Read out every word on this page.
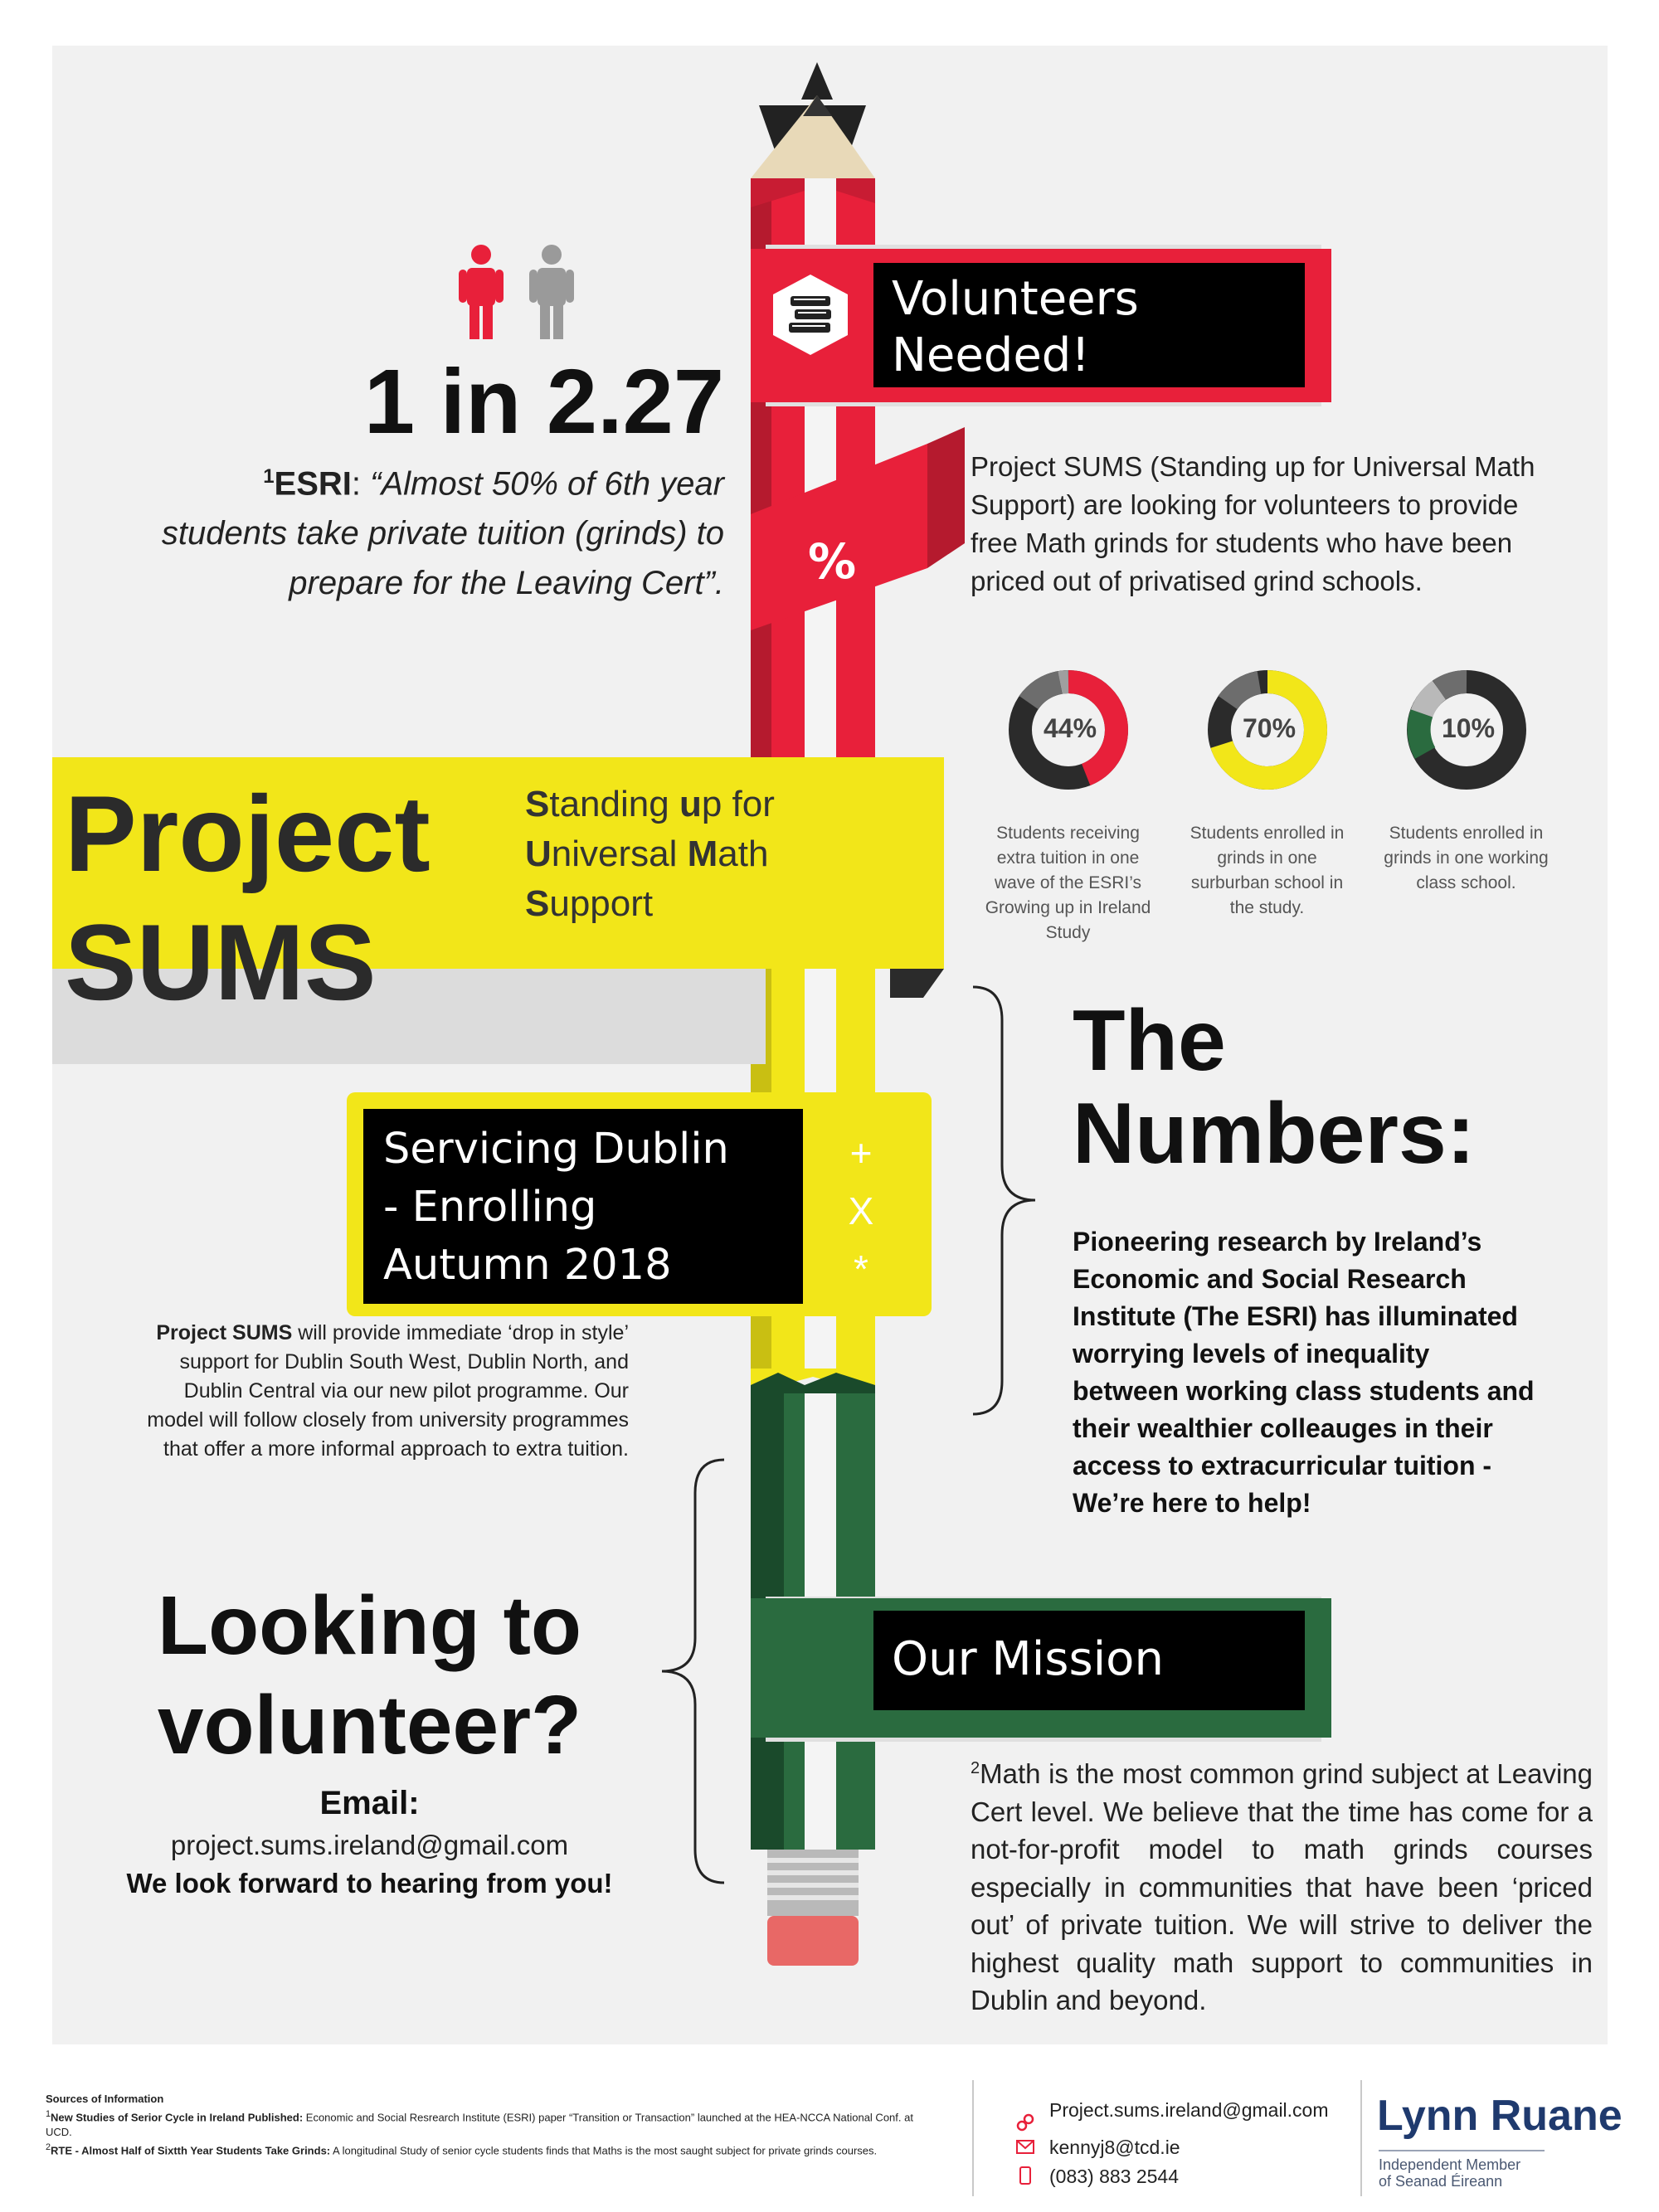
1 in 2.27
$^1$ESRI: “Almost 50% of 6th year students take private tuition (grinds) to prepare for the Leaving Cert”.
Volunteers
Needed!
%
Project SUMS (Standing up for Universal Math Support) are looking for volunteers to provide free Math grinds for students who have been priced out of privatised grind schools.
44%	70%	10%
Students receiving extra tuition in one wave of the ESRI’s Growing up in Ireland Study
Students enrolled in grinds in one surburban school in the study.
Students enrolled in grinds in one working class school.
Project
SUMS
Standing up for
Universal Math
Support
Servicing Dublin
- Enrolling
Autumn 2018
+
X
*
Project SUMS will provide immediate ‘drop in style’ support for Dublin South West, Dublin North, and Dublin Central via our new pilot programme. Our model will follow closely from university programmes that offer a more informal approach to extra tuition.
The
Numbers:
Pioneering research by Ireland’s Economic and Social Research Institute (The ESRI) has illuminated worrying levels of inequality between working class students and their wealthier colleauges in their access to extracurricular tuition - We’re here to help!
Looking to
volunteer?
Email:
project.sums.ireland@gmail.com
We look forward to hearing from you!
Our Mission
$^2$Math is the most common grind subject at Leaving Cert level. We believe that the time has come for a not-for-profit model to math grinds courses especially in communities that have been ‘priced out’ of private tuition. We will strive to deliver the highest quality math support to communities in Dublin and beyond.
Sources of Information
$^1$New Studies of Serior Cycle in Ireland Published: Economic and Social Resrearch Institute (ESRI) paper “Transition or Transaction” launched at the HEA-NCCA National Conf. at UCD.
$^2$RTE - Almost Half of Sixtth Year Students Take Grinds: A longitudinal Study of senior cycle students finds that Maths is the most saught subject for private grinds courses.
Project.sums.ireland@gmail.com
kennyj8@tcd.ie
(083) 883 2544
Lynn Ruane
Independent Member
of Seanad Éireann
